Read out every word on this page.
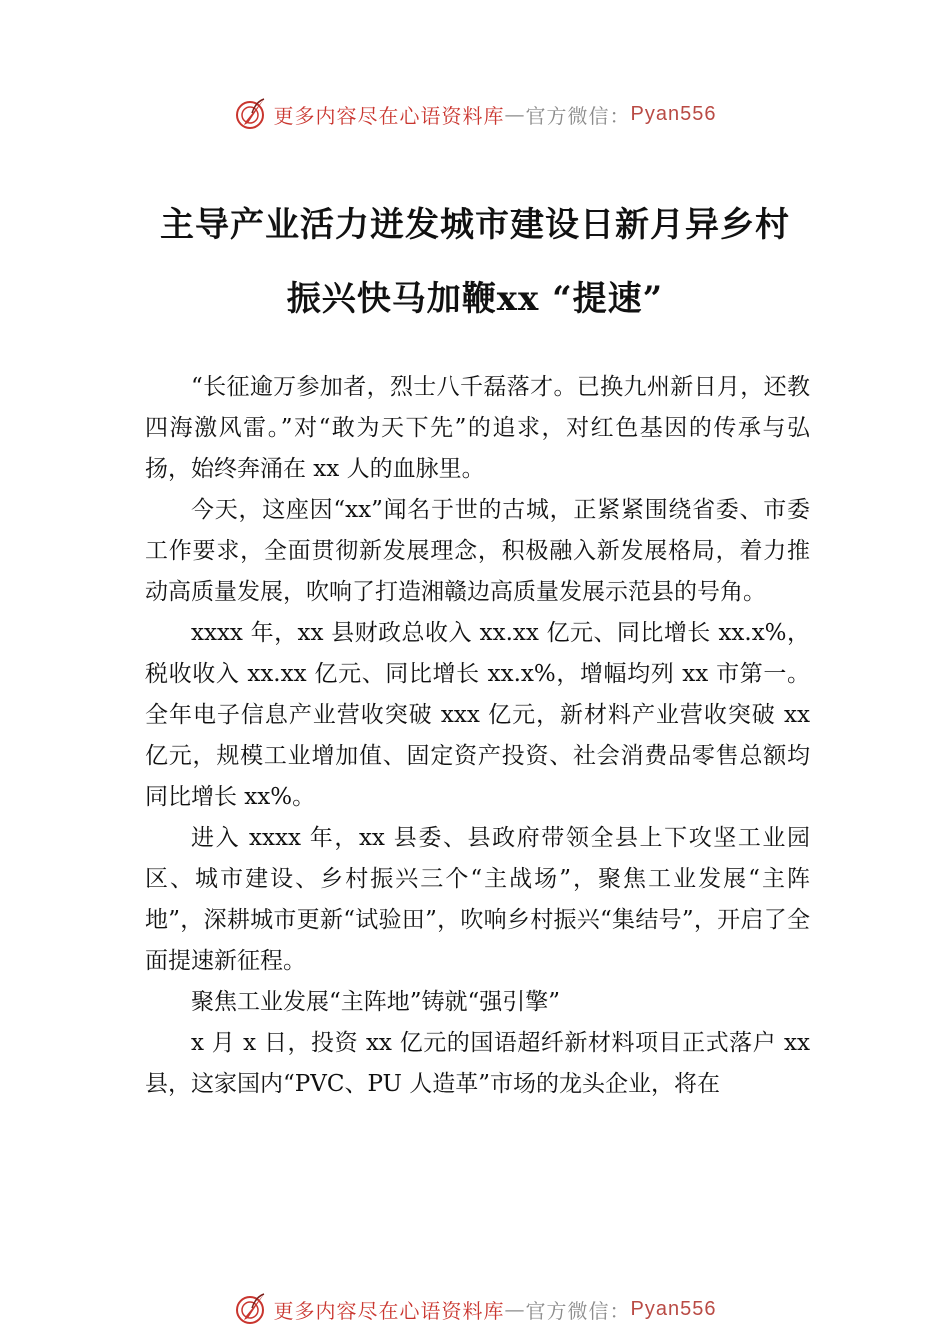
更多内容尽在心语资料库 — 官方微信： Pyan556
主导产业活力迸发城市建设日新月异乡村
振兴快马加鞭xx “提速”

“长征逾万参加者，烈士八千磊落才。已换九州新日月，还教四海激风雷。”对“敢为天下先”的追求，对红色基因的传承与弘扬，始终奔涌在 xx 人的血脉里。

今天，这座因“xx”闻名于世的古城，正紧紧围绕省委、市委工作要求，全面贯彻新发展理念，积极融入新发展格局，着力推动高质量发展，吹响了打造湘赣边高质量发展示范县的号角。

xxxx 年，xx 县财政总收入 xx.xx 亿元、同比增长 xx.x%，税收收入 xx.xx 亿元、同比增长 xx.x%，增幅均列 xx 市第一。全年电子信息产业营收突破 xxx 亿元，新材料产业营收突破 xx 亿元，规模工业增加值、固定资产投资、社会消费品零售总额均同比增长 xx%。

进入 xxxx 年，xx 县委、县政府带领全县上下攻坚工业园区、城市建设、乡村振兴三个“主战场”，聚焦工业发展“主阵地”，深耕城市更新“试验田”，吹响乡村振兴“集结号”，开启了全面提速新征程。

聚焦工业发展“主阵地”铸就“强引擎”

x 月 x 日，投资 xx 亿元的国语超纤新材料项目正式落户 xx 县，这家国内“PVC、PU 人造革”市场的龙头企业，将在

更多内容尽在心语资料库 — 官方微信： Pyan556
